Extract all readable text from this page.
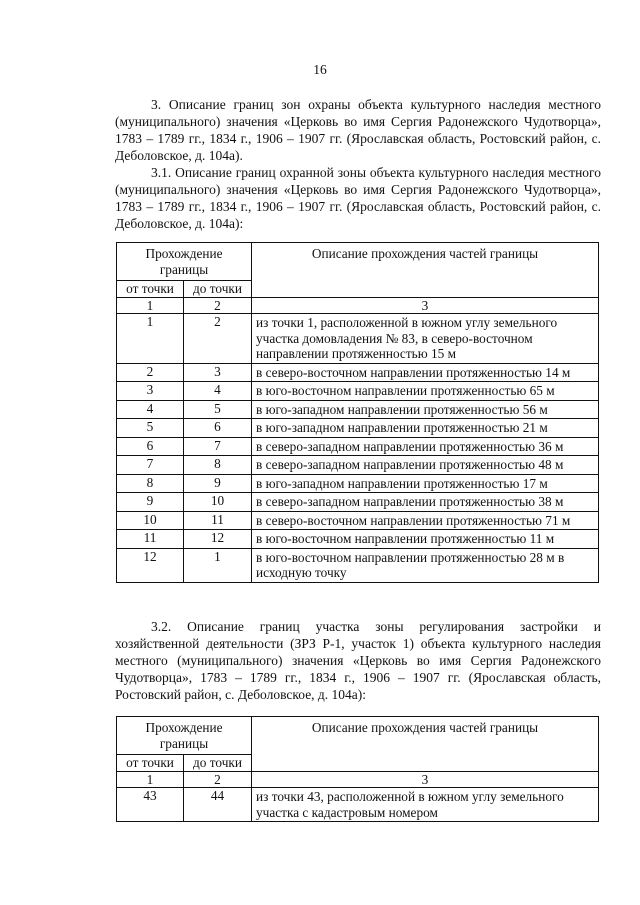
16

3. Описание границ зон охраны объекта культурного наследия местного (муниципального) значения «Церковь во имя Сергия Радонежского Чудотворца», 1783 – 1789 гг., 1834 г., 1906 – 1907 гг. (Ярославская область, Ростовский район, с. Деболовское, д. 104а).

3.1. Описание границ охранной зоны объекта культурного наследия местного (муниципального) значения «Церковь во имя Сергия Радонежского Чудотворца», 1783 – 1789 гг., 1834 г., 1906 – 1907 гг. (Ярославская область, Ростовский район, с. Деболовское, д. 104а):

Прохождение границы		Описание прохождения частей границы
от точки	до точки	
1	2	3
1	2	из точки 1, расположенной в южном углу земельного участка домовладения № 83, в северо-восточном направлении протяженностью 15 м
2	3	в северо-восточном направлении протяженностью 14 м
3	4	в юго-восточном направлении протяженностью 65 м
4	5	в юго-западном направлении протяженностью 56 м
5	6	в юго-западном направлении протяженностью 21 м
6	7	в северо-западном направлении протяженностью 36 м
7	8	в северо-западном направлении протяженностью 48 м
8	9	в юго-западном направлении протяженностью 17 м
9	10	в северо-западном направлении протяженностью 38 м
10	11	в северо-восточном направлении протяженностью 71 м
11	12	в юго-восточном направлении протяженностью 11 м
12	1	в юго-восточном направлении протяженностью 28 м в исходную точку

3.2. Описание границ участка зоны регулирования застройки и хозяйственной деятельности (ЗРЗ Р-1, участок 1) объекта культурного наследия местного (муниципального) значения «Церковь во имя Сергия Радонежского Чудотворца», 1783 – 1789 гг., 1834 г., 1906 – 1907 гг. (Ярославская область, Ростовский район, с. Деболовское, д. 104а):

Прохождение границы		Описание прохождения частей границы
от точки	до точки	
1	2	3
43	44	из точки 43, расположенной в южном углу земельного участка с кадастровым номером
